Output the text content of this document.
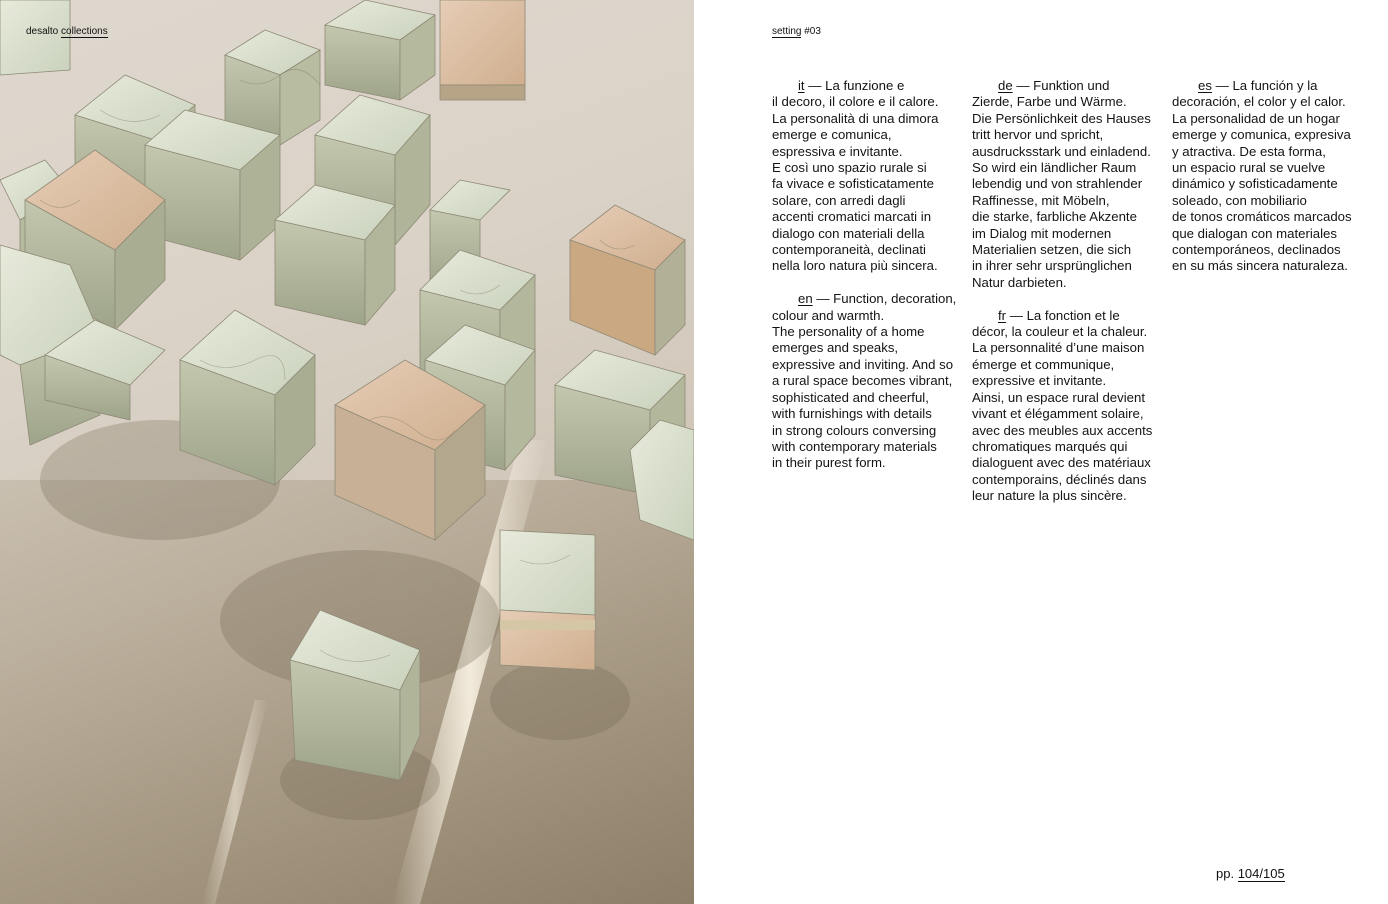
desalto collections	setting #03

it — La funzione e
il decoro, il colore e il calore.
La personalità di una dimora
emerge e comunica,
espressiva e invitante.
E così uno spazio rurale si
fa vivace e sofisticatamente
solare, con arredi dagli
accenti cromatici marcati in
dialogo con materiali della
contemporaneità, declinati
nella loro natura più sincera.

en — Function, decoration,
colour and warmth.
The personality of a home
emerges and speaks,
expressive and inviting. And so
a rural space becomes vibrant,
sophisticated and cheerful,
with furnishings with details
in strong colours conversing
with contemporary materials
in their purest form.

de — Funktion und
Zierde, Farbe und Wärme.
Die Persönlichkeit des Hauses
tritt hervor und spricht,
ausdrucksstark und einladend.
So wird ein ländlicher Raum
lebendig und von strahlender
Raffinesse, mit Möbeln,
die starke, farbliche Akzente
im Dialog mit modernen
Materialien setzen, die sich
in ihrer sehr ursprünglichen
Natur darbieten.

fr — La fonction et le
décor, la couleur et la chaleur.
La personnalité d’une maison
émerge et communique,
expressive et invitante.
Ainsi, un espace rural devient
vivant et élégamment solaire,
avec des meubles aux accents
chromatiques marqués qui
dialoguent avec des matériaux
contemporains, déclinés dans
leur nature la plus sincère.

es — La función y la
decoración, el color y el calor.
La personalidad de un hogar
emerge y comunica, expresiva
y atractiva. De esta forma,
un espacio rural se vuelve
dinámico y sofisticadamente
soleado, con mobiliario
de tonos cromáticos marcados
que dialogan con materiales
contemporáneos, declinados
en su más sincera naturaleza.

pp. 104/105
